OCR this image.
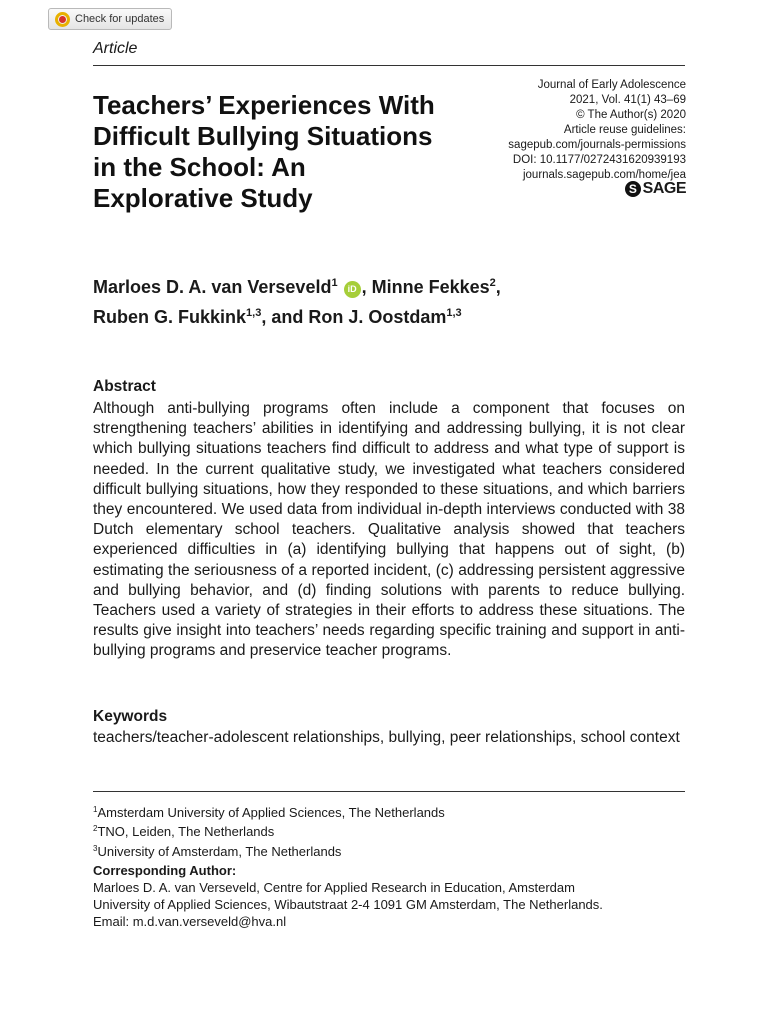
Check for updates
Article
Teachers’ Experiences With Difficult Bullying Situations in the School: An Explorative Study
Journal of Early Adolescence
2021, Vol. 41(1) 43–69
© The Author(s) 2020
Article reuse guidelines:
sagepub.com/journals-permissions
DOI: 10.1177/0272431620939193
journals.sagepub.com/home/jea
S SAGE
Marloes D. A. van Verseveld$^1$ iD , Minne Fekkes$^2$,
Ruben G. Fukkink$^{1,3}$, and Ron J. Oostdam$^{1,3}$
Abstract

Although anti-bullying programs often include a component that focuses on strengthening teachers’ abilities in identifying and addressing bullying, it is not clear which bullying situations teachers find difficult to address and what type of support is needed. In the current qualitative study, we investigated what teachers considered difficult bullying situations, how they responded to these situations, and which barriers they encountered. We used data from individual in-depth interviews conducted with 38 Dutch elementary school teachers. Qualitative analysis showed that teachers experienced difficulties in (a) identifying bullying that happens out of sight, (b) estimating the seriousness of a reported incident, (c) addressing persistent aggressive and bullying behavior, and (d) finding solutions with parents to reduce bullying. Teachers used a variety of strategies in their efforts to address these situations. The results give insight into teachers’ needs regarding specific training and support in anti-bullying programs and preservice teacher programs.

Keywords

teachers/teacher-adolescent relationships, bullying, peer relationships, school context

$^1$Amsterdam University of Applied Sciences, The Netherlands
$^2$TNO, Leiden, The Netherlands
$^3$University of Amsterdam, The Netherlands
Corresponding Author:
Marloes D. A. van Verseveld, Centre for Applied Research in Education, Amsterdam
University of Applied Sciences, Wibautstraat 2-4 1091 GM Amsterdam, The Netherlands.
Email: m.d.van.verseveld@hva.nl
